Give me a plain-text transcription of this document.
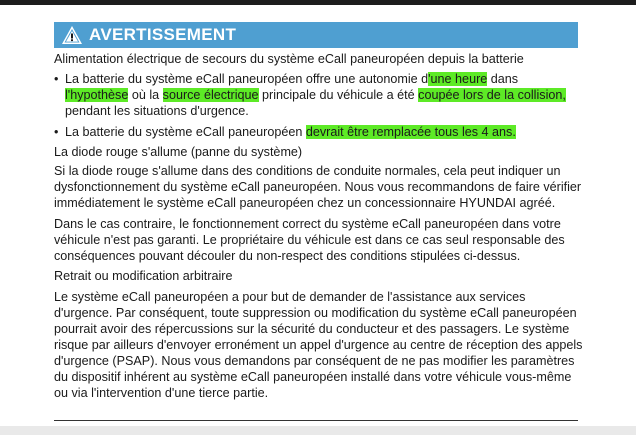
AVERTISSEMENT

Alimentation électrique de secours du système eCall paneuropéen depuis la batterie

• La batterie du système eCall paneuropéen offre une autonomie d'une heure dans l'hypothèse où la source électrique principale du véhicule a été coupée lors de la collision, pendant les situations d'urgence.

• La batterie du système eCall paneuropéen devrait être remplacée tous les 4 ans.

La diode rouge s'allume (panne du système)

Si la diode rouge s'allume dans des conditions de conduite normales, cela peut indiquer un dysfonctionnement du système eCall paneuropéen. Nous vous recommandons de faire vérifier immédiatement le système eCall paneuropéen chez un concessionnaire HYUNDAI agréé.

Dans le cas contraire, le fonctionnement correct du système eCall paneuropéen dans votre véhicule n'est pas garanti. Le propriétaire du véhicule est dans ce cas seul responsable des conséquences pouvant découler du non-respect des conditions stipulées ci-dessus.

Retrait ou modification arbitraire

Le système eCall paneuropéen a pour but de demander de l'assistance aux services d'urgence. Par conséquent, toute suppression ou modification du système eCall paneuropéen pourrait avoir des répercussions sur la sécurité du conducteur et des passagers. Le système risque par ailleurs d'envoyer erronément un appel d'urgence au centre de réception des appels d'urgence (PSAP). Nous vous demandons par conséquent de ne pas modifier les paramètres du dispositif inhérent au système eCall paneuropéen installé dans votre véhicule vous-même ou via l'intervention d'une tierce partie.
